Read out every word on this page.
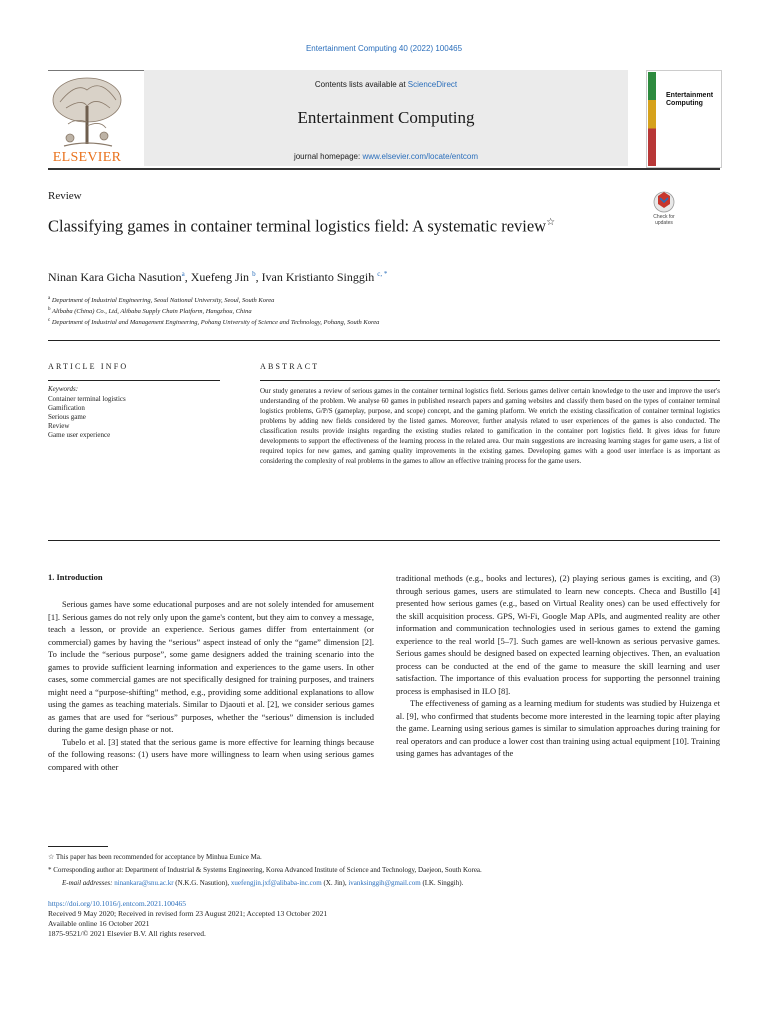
Entertainment Computing 40 (2022) 100465
ELSEVIER
Contents lists available at ScienceDirect
Entertainment Computing
journal homepage: www.elsevier.com/locate/entcom
Entertainment Computing
Review
Classifying games in container terminal logistics field: A systematic review☆	Check for updates
Ninan Kara Gicha Nasution$^a$, Xuefeng Jin $^b$, Ivan Kristianto Singgih $^{c, *}$
$^a$ Department of Industrial Engineering, Seoul National University, Seoul, South Korea
$^b$ Alibaba (China) Co., Ltd, Alibaba Supply Chain Platform, Hangzhou, China
$^c$ Department of Industrial and Management Engineering, Pohang University of Science and Technology, Pohang, South Korea
ARTICLE INFO	ABSTRACT
Keywords:
Container terminal logistics
Gamification
Serious game
Review
Game user experience
Our study generates a review of serious games in the container terminal logistics field. Serious games deliver certain knowledge to the user and improve the user's understanding of the problem. We analyse 60 games in published research papers and gaming websites and classify them based on the types of container terminal logistics problems, G/P/S (gameplay, purpose, and scope) concept, and the gaming platform. We enrich the existing classification of container terminal logistics problems by adding new fields considered by the listed games. Moreover, further analysis related to user experiences of the games is also conducted. The classification results provide insights regarding the existing studies related to gamification in the container port logistics field. It gives ideas for future developments to support the effectiveness of the learning process in the related area. Our main suggestions are increasing learning stages for game users, a list of required topics for new games, and gaming quality improvements in the existing games. Developing games with a good user interface is as important as considering the complexity of real problems in the games to allow an effective training process for the game users.
1. Introduction

Serious games have some educational purposes and are not solely intended for amusement [1]. Serious games do not rely only upon the game's content, but they aim to convey a message, teach a lesson, or provide an experience. Serious games differ from entertainment (or commercial) games by having the “serious” aspect instead of only the “game” dimension [2]. To include the “serious purpose”, some game designers added the training scenario into the games to provide sufficient learning information and experiences to the game users. In other cases, some commercial games are not specifically designed for training purposes, and trainers might need a “purpose-shifting” method, e.g., providing some additional explanations to allow using the games as teaching materials. Similar to Djaouti et al. [2], we consider serious games as games that are used for “serious” purposes, whether the “serious” dimension is included during the game design phase or not.

Tubelo et al. [3] stated that the serious game is more effective for learning things because of the following reasons: (1) users have more willingness to learn when using serious games compared with other

traditional methods (e.g., books and lectures), (2) playing serious games is exciting, and (3) through serious games, users are stimulated to learn new concepts. Checa and Bustillo [4] presented how serious games (e.g., based on Virtual Reality ones) can be used effectively for the skill acquisition process. GPS, Wi-Fi, Google Map APIs, and augmented reality are other information and communication technologies used in serious games to extend the gaming experience to the real world [5–7]. Such games are well-known as serious pervasive games. Serious games should be designed based on expected learning objectives. Then, an evaluation process can be conducted at the end of the game to measure the skill learning and user satisfaction. The importance of this evaluation process for supporting the personnel training process is emphasised in ILO [8].

The effectiveness of gaming as a learning medium for students was studied by Huizenga et al. [9], who confirmed that students become more interested in the learning topic after playing the game. Learning using serious games is similar to simulation approaches during training for real operators and can produce a lower cost than training using actual equipment [10]. Training using games has advantages of the

☆ This paper has been recommended for acceptance by Minhua Eunice Ma.
* Corresponding author at: Department of Industrial & Systems Engineering, Korea Advanced Institute of Science and Technology, Daejeon, South Korea.
E-mail addresses: ninankara@snu.ac.kr (N.K.G. Nasution), xuefengjin.jxf@alibaba-inc.com (X. Jin), ivanksinggih@gmail.com (I.K. Singgih).
https://doi.org/10.1016/j.entcom.2021.100465
Received 9 May 2020; Received in revised form 23 August 2021; Accepted 13 October 2021
Available online 16 October 2021
1875-9521/© 2021 Elsevier B.V. All rights reserved.
